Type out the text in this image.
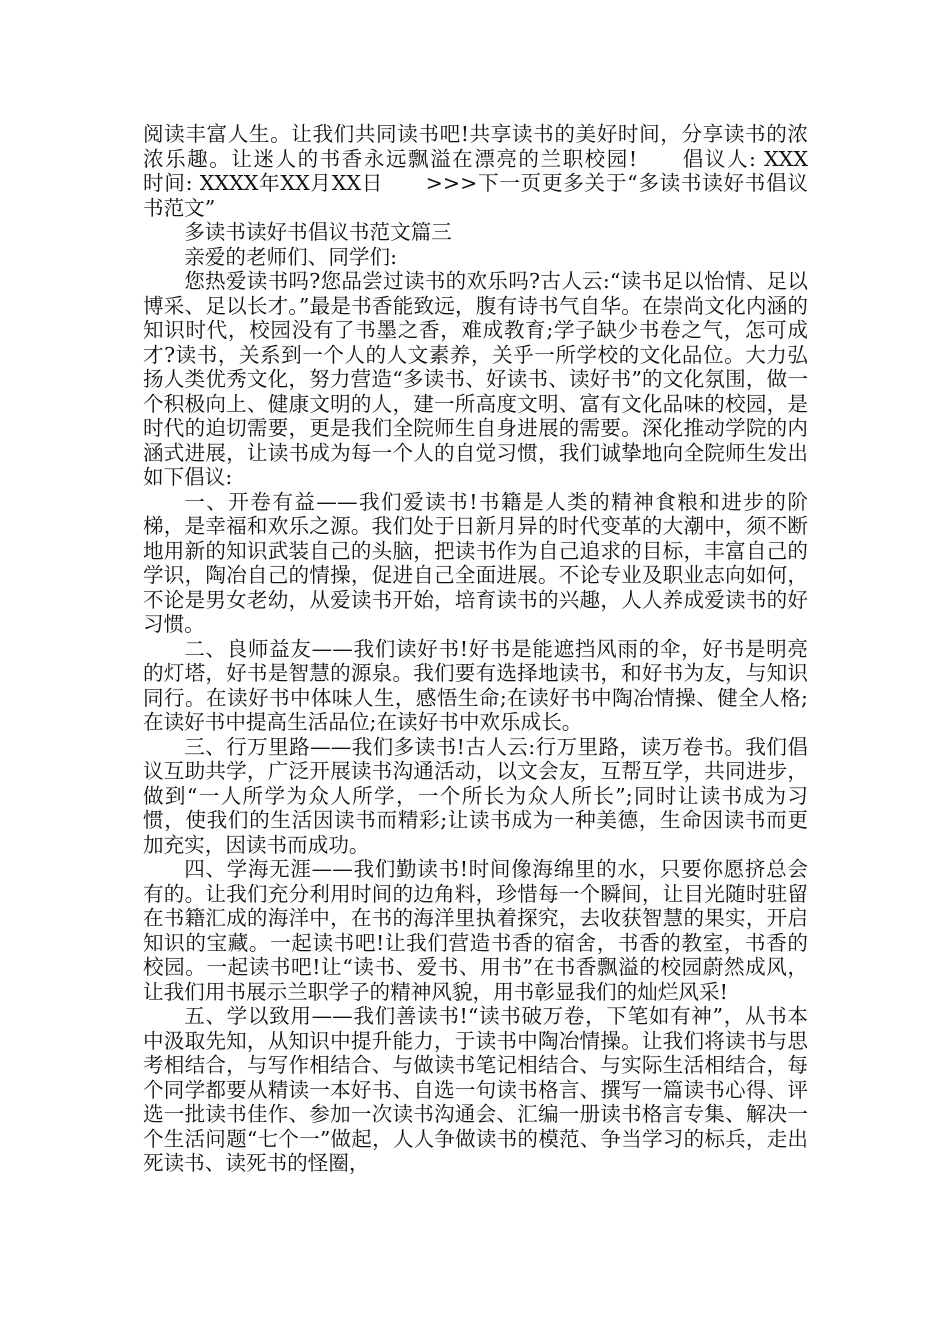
阅读丰富人生。让我们共同读书吧!共享读书的美好时间，分享读书的浓浓乐趣。让迷人的书香永远飘溢在漂亮的兰职校园!　　倡议人: XXX　　时间: XXXX年XX月XX日　　>>>下一页更多关于“多读书读好书倡议书范文”

多读书读好书倡议书范文篇三

亲爱的老师们、同学们:

您热爱读书吗?您品尝过读书的欢乐吗?古人云:“读书足以怡情、足以博采、足以长才。”最是书香能致远，腹有诗书气自华。在崇尚文化内涵的知识时代，校园没有了书墨之香，难成教育;学子缺少书卷之气，怎可成才?读书，关系到一个人的人文素养，关乎一所学校的文化品位。大力弘扬人类优秀文化，努力营造“多读书、好读书、读好书”的文化氛围，做一个积极向上、健康文明的人，建一所高度文明、富有文化品味的校园，是时代的迫切需要，更是我们全院师生自身进展的需要。深化推动学院的内涵式进展，让读书成为每一个人的自觉习惯，我们诚挚地向全院师生发出如下倡议:

一、开卷有益——我们爱读书!书籍是人类的精神食粮和进步的阶梯，是幸福和欢乐之源。我们处于日新月异的时代变革的大潮中，须不断地用新的知识武装自己的头脑，把读书作为自己追求的目标，丰富自己的学识，陶冶自己的情操，促进自己全面进展。不论专业及职业志向如何，不论是男女老幼，从爱读书开始，培育读书的兴趣，人人养成爱读书的好习惯。

二、良师益友——我们读好书!好书是能遮挡风雨的伞，好书是明亮的灯塔，好书是智慧的源泉。我们要有选择地读书，和好书为友，与知识同行。在读好书中体味人生，感悟生命;在读好书中陶冶情操、健全人格;在读好书中提高生活品位;在读好书中欢乐成长。

三、行万里路——我们多读书!古人云:行万里路，读万卷书。我们倡议互助共学，广泛开展读书沟通活动，以文会友，互帮互学，共同进步，做到“一人所学为众人所学，一个所长为众人所长”;同时让读书成为习惯，使我们的生活因读书而精彩;让读书成为一种美德，生命因读书而更加充实，因读书而成功。

四、学海无涯——我们勤读书!时间像海绵里的水，只要你愿挤总会有的。让我们充分利用时间的边角料，珍惜每一个瞬间，让目光随时驻留在书籍汇成的海洋中，在书的海洋里执着探究，去收获智慧的果实，开启知识的宝藏。一起读书吧!让我们营造书香的宿舍，书香的教室，书香的校园。一起读书吧!让“读书、爱书、用书”在书香飘溢的校园蔚然成风，让我们用书展示兰职学子的精神风貌，用书彰显我们的灿烂风采!

五、学以致用——我们善读书!“读书破万卷，下笔如有神”，从书本中汲取先知，从知识中提升能力，于读书中陶冶情操。让我们将读书与思考相结合，与写作相结合、与做读书笔记相结合、与实际生活相结合，每个同学都要从精读一本好书、自选一句读书格言、撰写一篇读书心得、评选一批读书佳作、参加一次读书沟通会、汇编一册读书格言专集、解决一个生活问题“七个一”做起，人人争做读书的模范、争当学习的标兵，走出死读书、读死书的怪圈，
